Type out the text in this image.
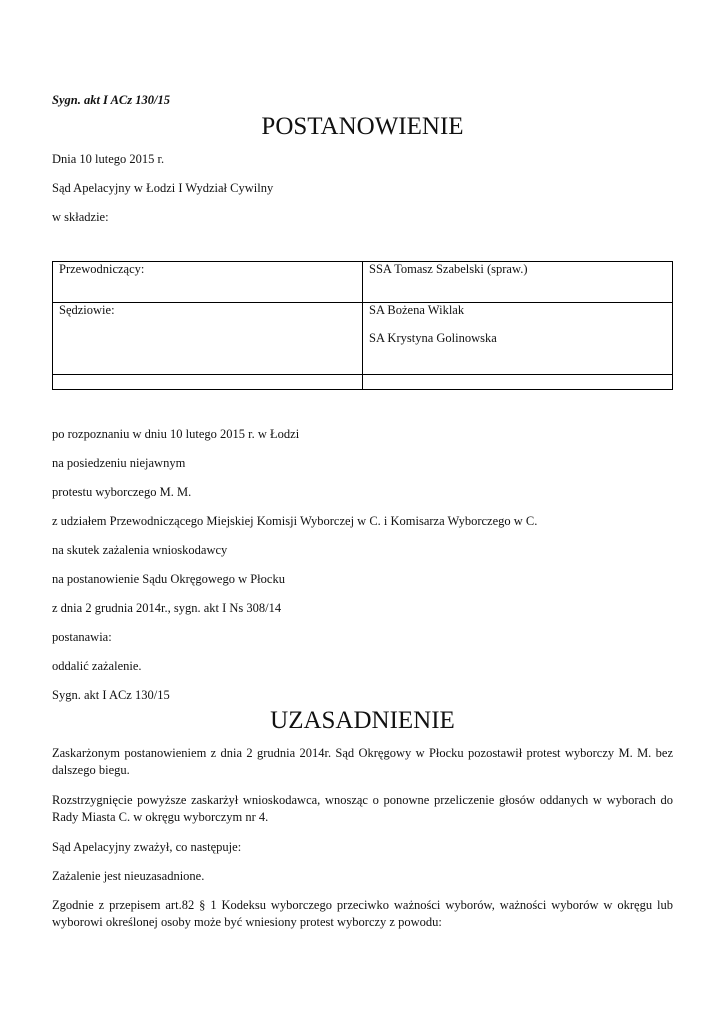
Sygn. akt I ACz 130/15
POSTANOWIENIE
Dnia 10 lutego 2015 r.
Sąd Apelacyjny w Łodzi I Wydział Cywilny
w składzie:
Przewodniczący:	SSA Tomasz Szabelski (spraw.)

Sędziowie:	SA Bożena Wiklak
SA Krystyna Golinowska

po rozpoznaniu w dniu 10 lutego 2015 r. w Łodzi
na posiedzeniu niejawnym
protestu wyborczego M. M.
z udziałem Przewodniczącego Miejskiej Komisji Wyborczej w C. i Komisarza Wyborczego w C.
na skutek zażalenia wnioskodawcy
na postanowienie Sądu Okręgowego w Płocku
z dnia 2 grudnia 2014r., sygn. akt I Ns 308/14
postanawia:
oddalić zażalenie.
Sygn. akt I ACz 130/15
UZASADNIENIE
Zaskarżonym postanowieniem z dnia 2 grudnia 2014r. Sąd Okręgowy w Płocku pozostawił protest wyborczy M. M. bez dalszego biegu.
Rozstrzygnięcie powyższe zaskarżył wnioskodawca, wnosząc o ponowne przeliczenie głosów oddanych w wyborach do Rady Miasta C. w okręgu wyborczym nr 4.
Sąd Apelacyjny zważył, co następuje:
Zażalenie jest nieuzasadnione.
Zgodnie z przepisem art.82 § 1 Kodeksu wyborczego przeciwko ważności wyborów, ważności wyborów w okręgu lub wyborowi określonej osoby może być wniesiony protest wyborczy z powodu:
